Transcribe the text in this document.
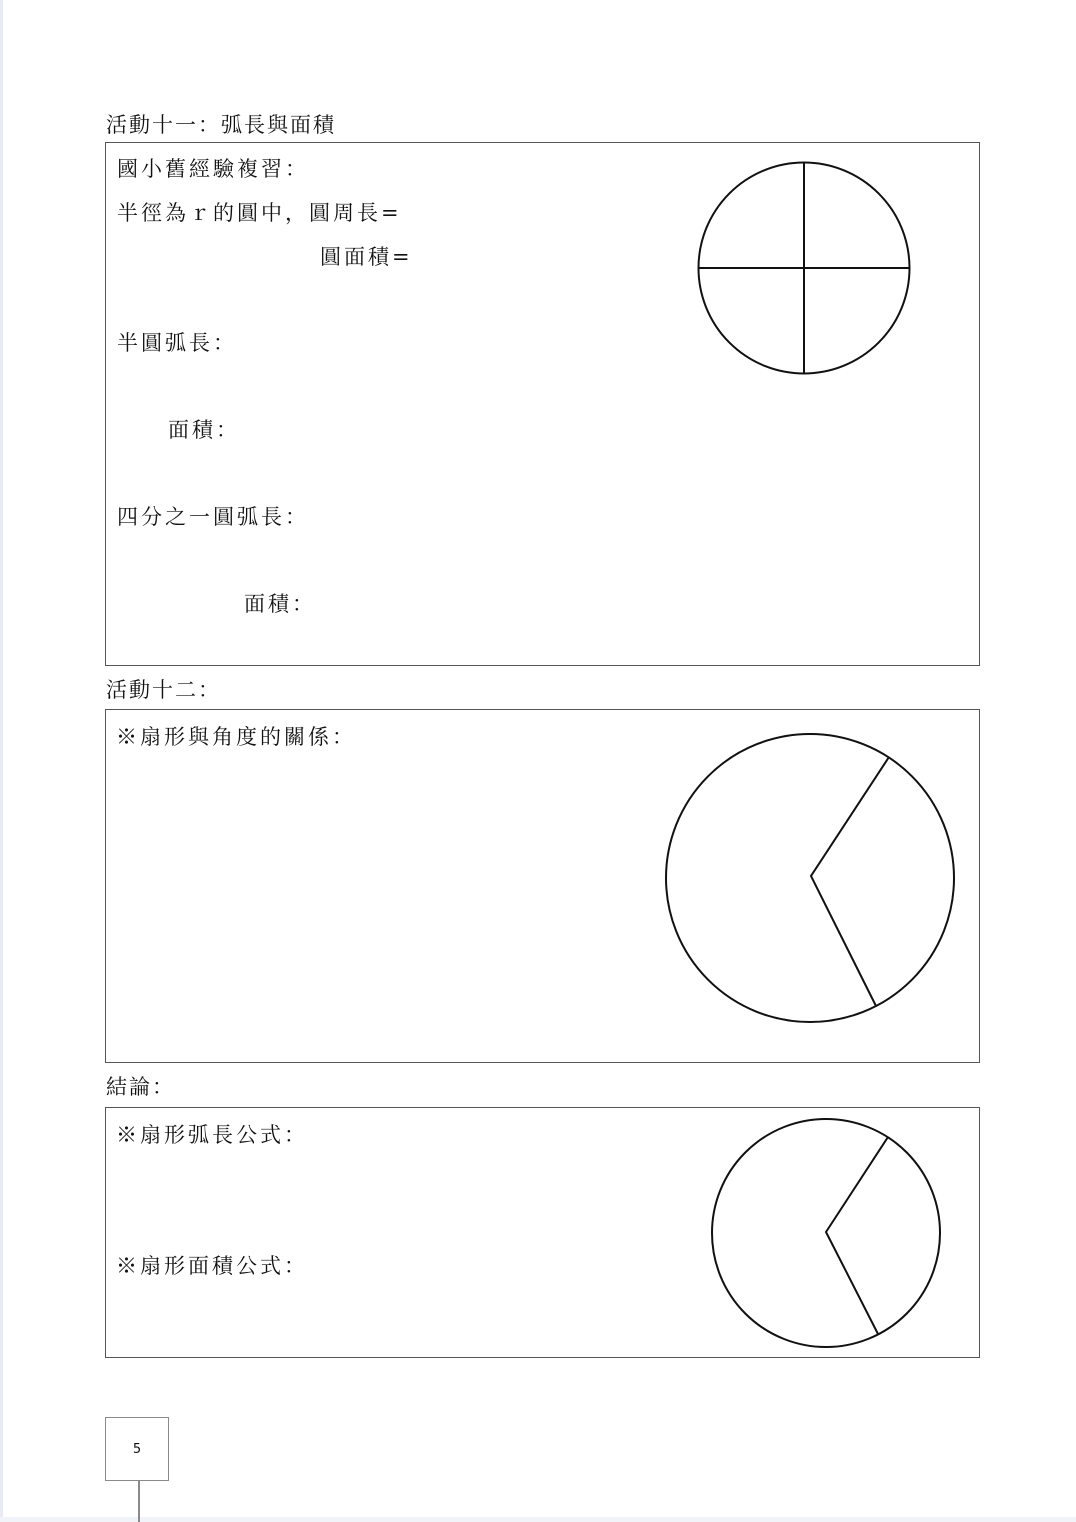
活動十一：弧長與面積
國小舊經驗複習：
半徑為ｒ的圓中，圓周長=
圓面積=
半圓弧長：
面積：
四分之一圓弧長：
面積：
活動十二：
※扇形與角度的關係：
結論：
※扇形弧長公式：
※扇形面積公式：
5
